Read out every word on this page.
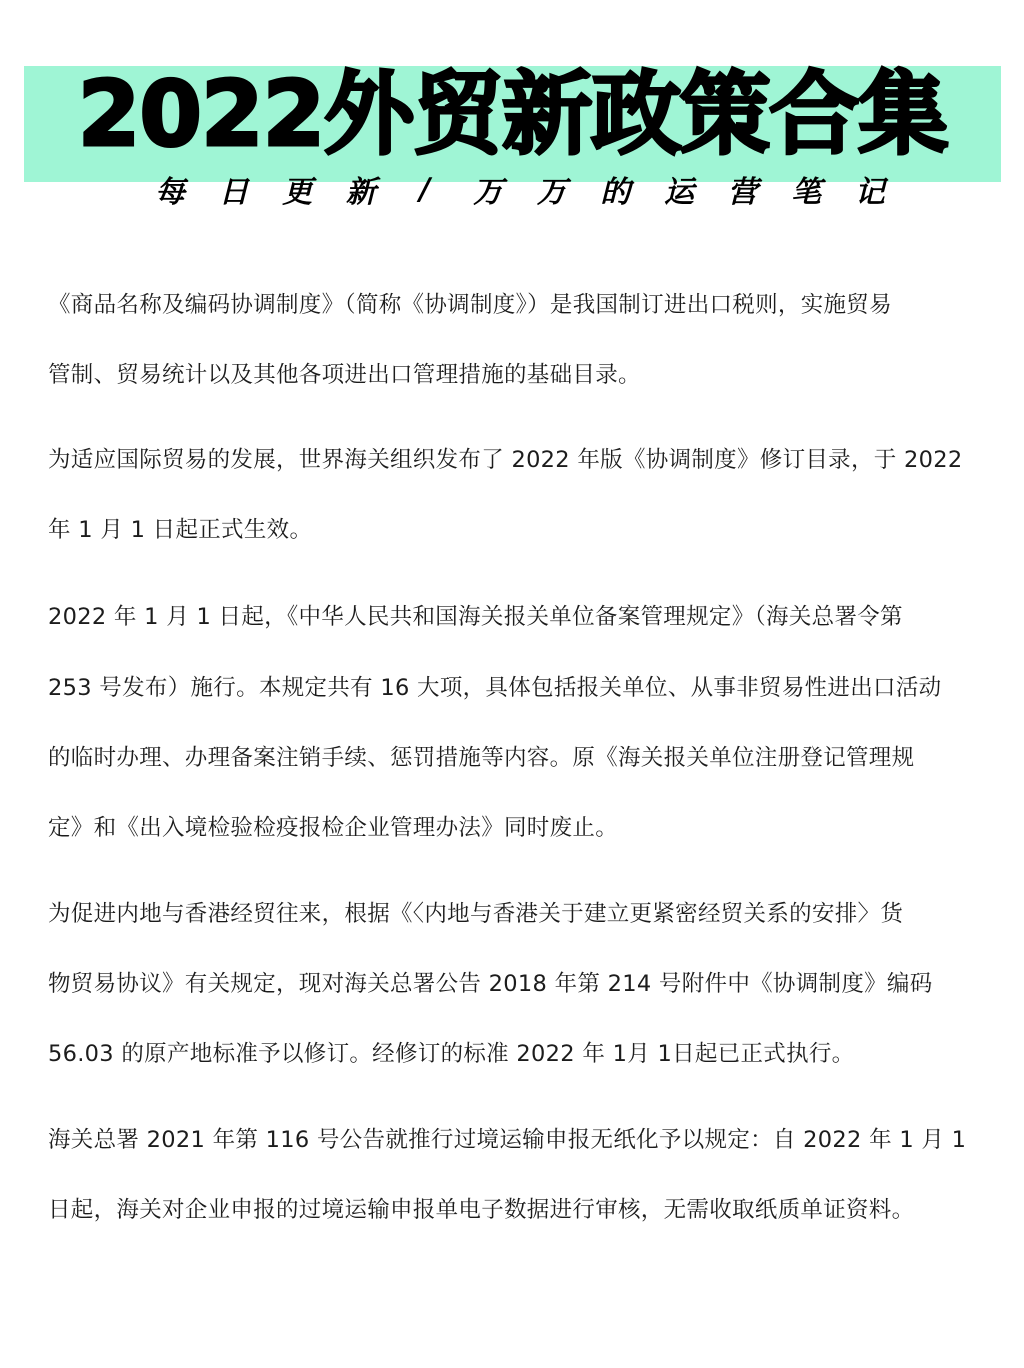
2022外贸新政策合集
每 日 更 新	/	万 万 的 运 营 笔 记
《商品名称及编码协调制度》（简称《协调制度》）是我国制订进出口税则，实施贸易
管制、贸易统计以及其他各项进出口管理措施的基础目录。
为适应国际贸易的发展，世界海关组织发布了 2022 年版《协调制度》修订目录，于 2022
年 1 月 1 日起正式生效。
2022 年 1 月 1 日起，《中华人民共和国海关报关单位备案管理规定》（海关总署令第
253 号发布）施行。本规定共有 16 大项，具体包括报关单位、从事非贸易性进出口活动
的临时办理、办理备案注销手续、惩罚措施等内容。原《海关报关单位注册登记管理规
定》和《出入境检验检疫报检企业管理办法》同时废止。
为促进内地与香港经贸往来，根据《〈内地与香港关于建立更紧密经贸关系的安排〉货
物贸易协议》有关规定，现对海关总署公告 2018 年第 214 号附件中《协调制度》编码
56.03 的原产地标准予以修订。经修订的标准 2022 年 1月 1日起已正式执行。
海关总署 2021 年第 116 号公告就推行过境运输申报无纸化予以规定：自 2022 年 1 月 1
日起，海关对企业申报的过境运输申报单电子数据进行审核，无需收取纸质单证资料。
